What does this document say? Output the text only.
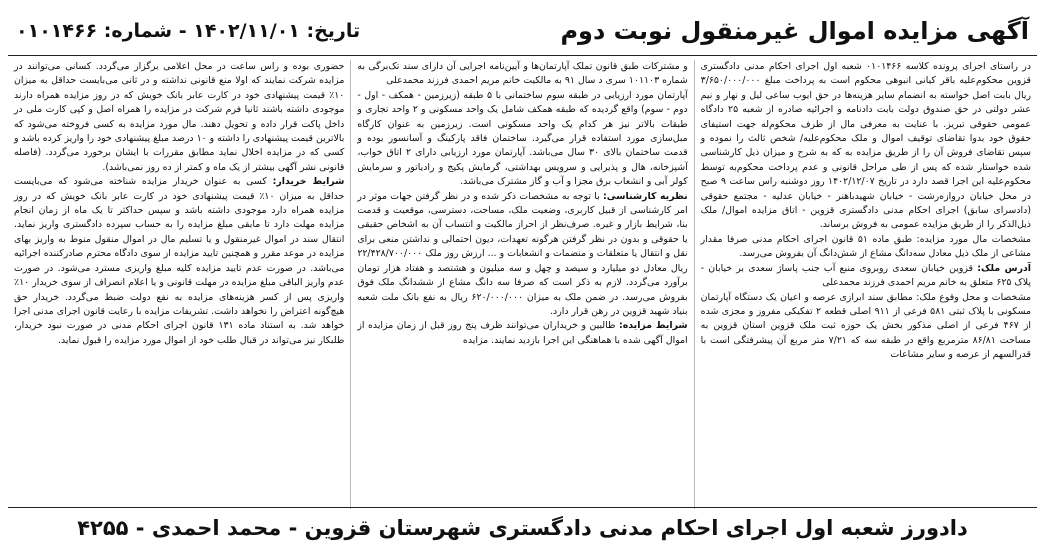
آگهی مزایده اموال غیرمنقول نوبت دوم
تاریخ: ۱۴۰۲/۱۱/۰۱ - شماره: ۰۱۰۱۴۶۶

در راستای اجرای پرونده کلاسه ۰۱۰۱۴۶۶ شعبه اول اجرای احکام مدنی دادگستری قزوین محکوم‌علیه باقر کیانی انبوهی محکوم است به پرداخت مبلغ ۳/۶۵۰/۰۰۰/۰۰۰ ریال بابت اصل خواسته به انضمام سایر هزینه‌ها در حق ایوب ساعی لیل و نهار و نیم عشر دولتی در حق صندوق دولت بابت دادنامه و اجرائیه صادره از شعبه ۲۵ دادگاه عمومی حقوقی تبریز. با عنایت به معرفی مال از طرف محکوم‌له جهت استیفای حقوق خود بدوا تقاضای توقیف اموال و ملک محکوم‌علیه/ شخص ثالث را نموده و سپس تقاضای فروش آن را از طریق مزایده به که به شرح و میزان ذیل کارشناسی شده خواستار شده که پس از طی مراحل قانونی و عدم پرداخت محکوم‌به توسط محکوم‌علیه این اجرا قصد دارد در تاریخ ۱۴۰۲/۱۲/۰۷ روز دوشنبه راس ساعت ۹ صبح در محل خیابان دروازه‌رشت - خیابان شهیدباهنر - خیابان عدلیه - مجتمع حقوقی (دادسرای سابق) اجرای احکام مدنی دادگستری قزوین - اتاق مزایده اموال/ ملک ذیل‌الذکر را از طریق مزایده عمومی به فروش برساند.

مشخصات مال مورد مزایده: طبق ماده ۵۱ قانون اجرای احکام مدنی صرفا مقدار مشاعی از ملک ذیل معادل سه‌دانگ مشاع از شش‌دانگ آن بفروش می‌رسد.

آدرس ملک: قزوین خیابان سعدی روبروی منبع آب جنب پاساژ سعدی بر خیابان - پلاک ۶۲۵ متعلق به خانم مریم احمدی فرزند محمدعلی

مشخصات و محل وقوع ملک: مطابق سند ابرازی عرصه و اعیان یک دستگاه آپارتمان مسکونی با پلاک ثبتی ۵۸۱ فرعی از ۹۱۱ اصلی قطعه ۲ تفکیکی مفروز و مجزی شده از ۴۶۷ فرعی از اصلی مذکور بخش یک حوزه ثبت ملک قزوین استان قزوین به مساحت ۸۶/۸۱ مترمربع واقع در طبقه سه که ۷/۲۱ متر مربع آن پیشرفتگی است با قدرالسهم از عرصه و سایر مشاعات

و مشترکات طبق قانون تملک آپارتمان‌ها و آیین‌نامه اجرایی آن دارای سند تک‌برگی به شماره ۱۰۱۱۰۳ سری د سال ۹۱ به مالکیت خانم مریم احمدی فرزند محمدعلی

آپارتمان مورد ارزیابی در طبقه سوم ساختمانی با ۵ طبقه (زیرزمین - همکف - اول - دوم - سوم) واقع گردیده که طبقه همکف شامل یک واحد مسکونی و ۲ واحد تجاری و طبقات بالاتر نیز هر کدام یک واحد مسکونی است. زیرزمین به عنوان کارگاه مبل‌سازی مورد استفاده قرار می‌گیرد. ساختمان فاقد پارکینگ و آسانسور بوده و قدمت ساختمان بالای ۳۰ سال می‌باشد. آپارتمان مورد ارزیابی دارای ۲ اتاق خواب، آشپزخانه، هال و پذیرایی و سرویس بهداشتی، گرمایش پکیج و رادیاتور و سرمایش کولر آبی و انشعاب برق مجزا و آب و گاز مشترک می‌باشد.

نظریه کارشناسی: با توجه به مشخصات ذکر شده و در نظر گرفتن جهات موثر در امر کارشناسی از قبیل کاربری، وضعیت ملک، مساحت، دسترسی، موقعیت و قدمت بنا، شرایط بازار و غیره. صرف‌نظر از احراز مالکیت و انتساب آن به اشخاص حقیقی یا حقوقی و بدون در نظر گرفتن هرگونه تعهدات، دیون احتمالی و نداشتن منعی برای نقل و انتقال یا متعلقات و منضمات و انشعابات و ... ارزش روز ملک ۲۲/۴۲۸/۷۰۰/۰۰۰ ریال معادل دو میلیارد و سیصد و چهل و سه میلیون و هشتصد و هفتاد هزار تومان برآورد می‌گردد. لازم به ذکر است که صرفا سه دانگ مشاع از ششدانگ ملک فوق بفروش می‌رسد. در ضمن ملک به میزان ۶۲۰/۰۰۰/۰۰۰ ریال به نفع بانک ملت شعبه بنیاد شهید قزوین در رهن قرار دارد.

شرایط مزایده: طالبین و خریداران می‌توانند ظرف پنج روز قبل از زمان مزایده از اموال آگهی شده با هماهنگی این اجرا بازدید نمایند. مزایده

حضوری بوده و راس ساعت در محل اعلامی برگزار می‌گردد. کسانی می‌توانند در مزایده شرکت نمایند که اولا منع قانونی نداشته و در ثانی می‌بایست حداقل به میزان ۱۰٪ قیمت پیشنهادی خود در کارت عابر بانک خویش که در روز مزایده همراه دارند موجودی داشته باشند ثانیا فرم شرکت در مزایده را همراه اصل و کپی کارت ملی در داخل پاکت قرار داده و تحویل دهند. مال مورد مزایده به کسی فروخته می‌شود که بالاترین قیمت پیشنهادی را داشته و ۱۰ درصد مبلغ پیشنهادی خود را واریز کرده باشد و کسی که در مزایده اخلال نماید مطابق مقررات با ایشان برخورد می‌گردد. (فاصله قانونی نشر آگهی بیشتر از یک ماه و کمتر از ده روز نمی‌باشد).

شرایط خریدار: کسی به عنوان خریدار مزایده شناخته می‌شود که می‌بایست حداقل به میزان ۱۰٪ قیمت پیشنهادی خود در کارت عابر بانک خویش که در روز مزایده همراه دارد موجودی داشته باشد و سپس حداکثر تا یک ماه از زمان انجام مزایده مهلت دارد تا مابقی مبلغ مزایده را به حساب سپرده دادگستری واریز نماید. انتقال سند در اموال غیرمنقول و یا تسلیم مال در اموال منقول منوط به واریز بهای مزایده در موعد مقرر و همچنین تایید مزایده از سوی دادگاه محترم صادرکننده اجرائیه می‌باشد. در صورت عدم تایید مزایده کلیه مبلغ واریزی مسترد می‌شود. در صورت عدم واریز الباقی مبلغ مزایده در مهلت قانونی و یا اعلام انصراف از سوی خریدار ۱۰٪ واریزی پس از کسر هزینه‌های مزایده به نفع دولت ضبط می‌گردد. خریدار حق هیچ‌گونه اعتراض را نخواهد داشت. تشریفات مزایده با رعایت قانون اجرای مدنی اجرا خواهد شد. به استناد ماده ۱۳۱ قانون اجرای احکام مدنی در صورت نبود خریدار، طلبکار نیز می‌تواند در قبال طلب خود از اموال مورد مزایده را قبول نماید.

دادورز شعبه اول اجرای احکام مدنی دادگستری شهرستان قزوین - محمد احمدی - ۴۲۵۵
